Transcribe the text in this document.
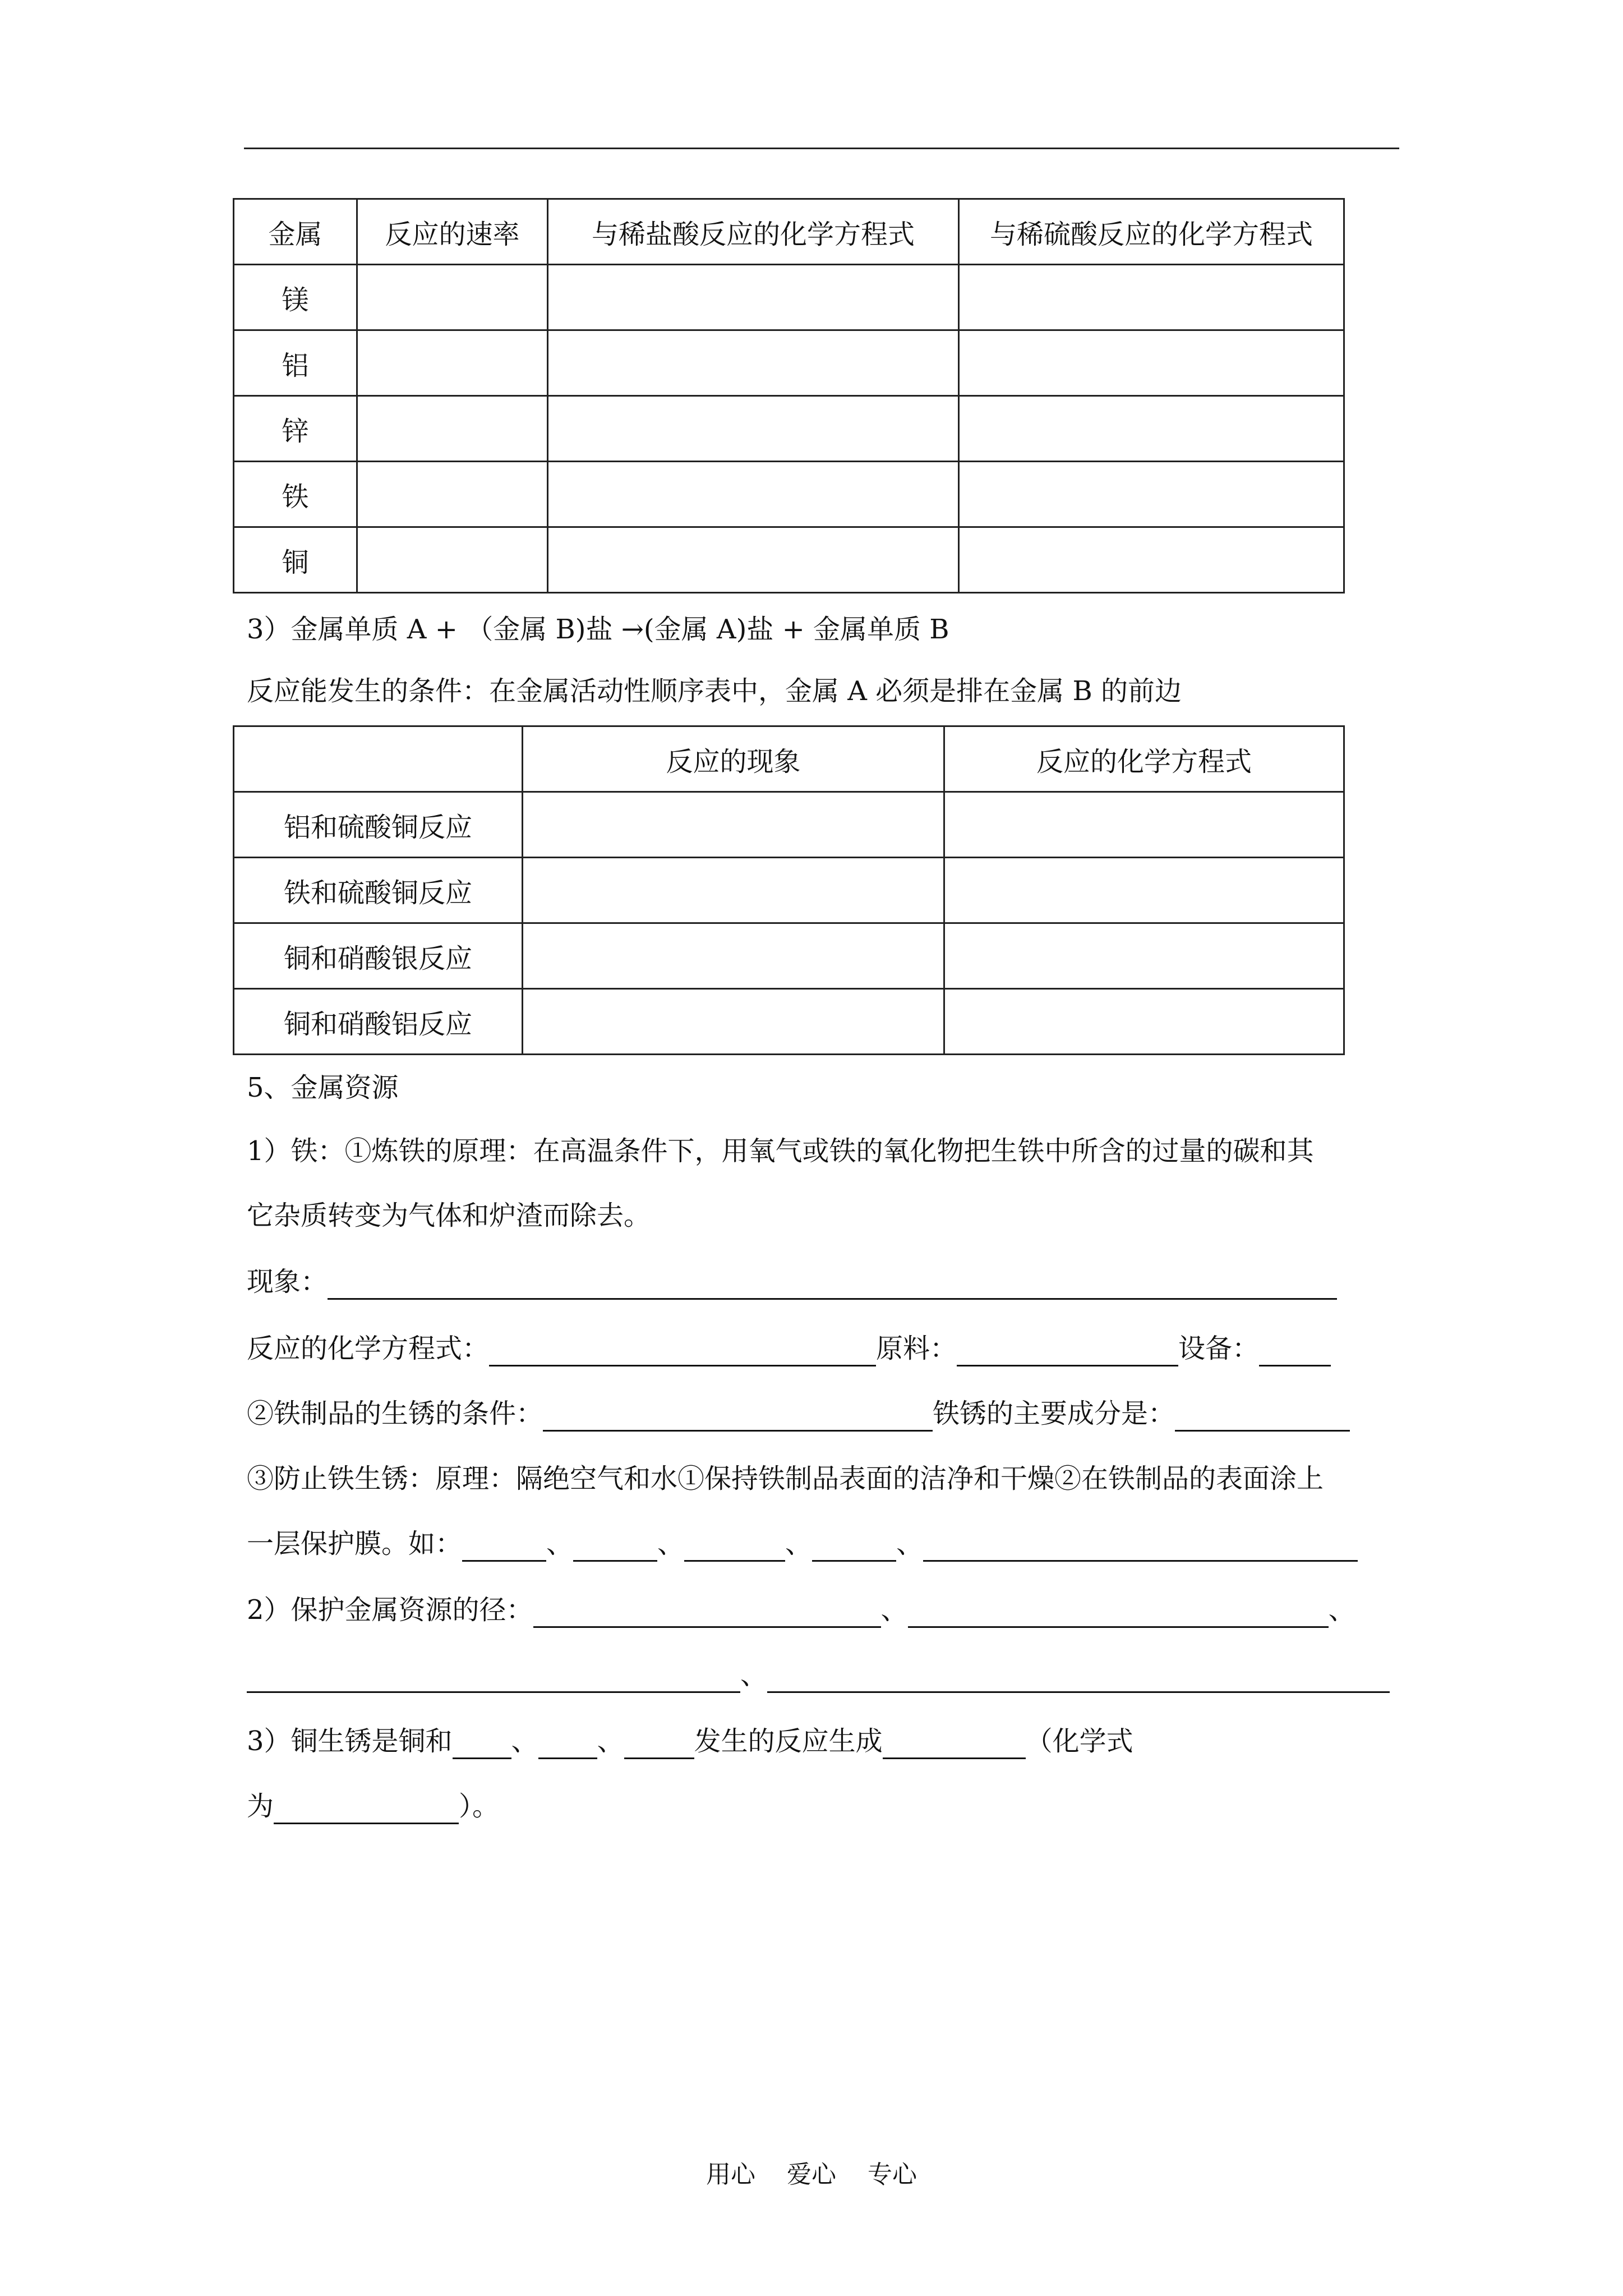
金属	反应的速率	与稀盐酸反应的化学方程式	与稀硫酸反应的化学方程式
镁			
铝			
锌			
铁			
铜			
3）金属单质 A + （金属 B)盐 →(金属 A)盐 + 金属单质 B
反应能发生的条件：在金属活动性顺序表中，金属 A 必须是排在金属 B 的前边
	反应的现象	反应的化学方程式
铝和硫酸铜反应		
铁和硫酸铜反应		
铜和硝酸银反应		
铜和硝酸铝反应		
5、金属资源
1）铁：①炼铁的原理：在高温条件下，用氧气或铁的氧化物把生铁中所含的过量的碳和其
它杂质转变为气体和炉渣而除去。
现象：
反应的化学方程式：	原料：	设备：
②铁制品的生锈的条件：	铁锈的主要成分是：
③防止铁生锈：原理：隔绝空气和水①保持铁制品表面的洁净和干燥②在铁制品的表面涂上
一层保护膜。如：	、	、	、	、
2）保护金属资源的径：	、	、
、
3）铜生锈是铜和 、 、	发生的反应生成	（化学式
为	）。
用心 爱心 专心
